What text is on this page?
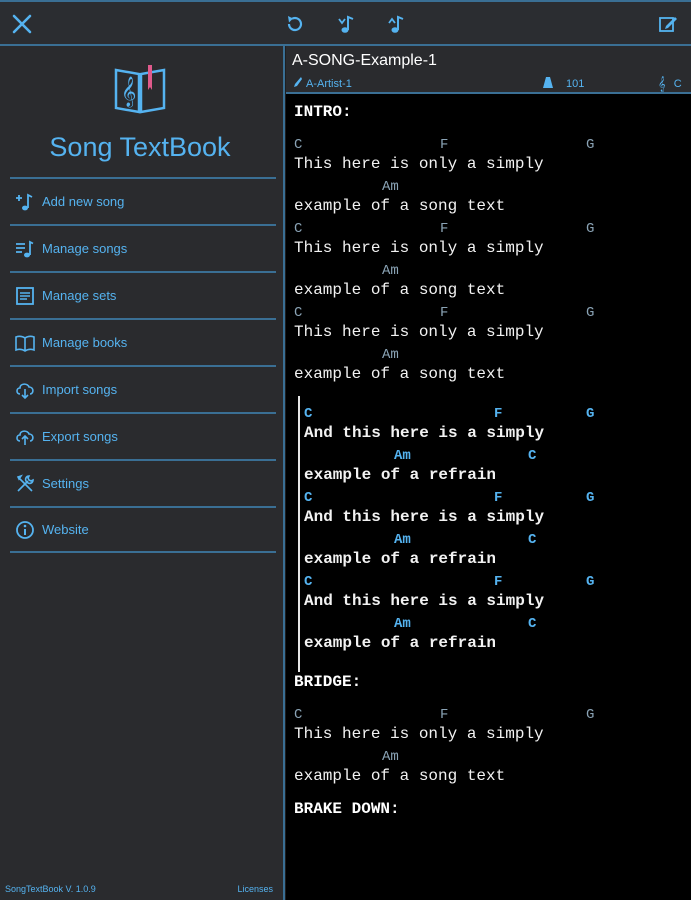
𝄞
Song TextBook
Add new song
Manage songs
Manage sets
Manage books
Import songs
Export songs
Settings
Website
SongTextBook V. 1.0.9	Licenses
A-SONG-Example-1
A-Artist-1	101	𝄞 C
INTRO:
C	F	G
This here is only a simply
Am
example of a song text
C	F	G
This here is only a simply
Am
example of a song text
C	F	G
This here is only a simply
Am
example of a song text
C	F	G
And this here is a simply
Am	C
example of a refrain
C	F	G
And this here is a simply
Am	C
example of a refrain
C	F	G
And this here is a simply
Am	C
example of a refrain
BRIDGE:
C	F	G
This here is only a simply
Am
example of a song text
BRAKE DOWN:
